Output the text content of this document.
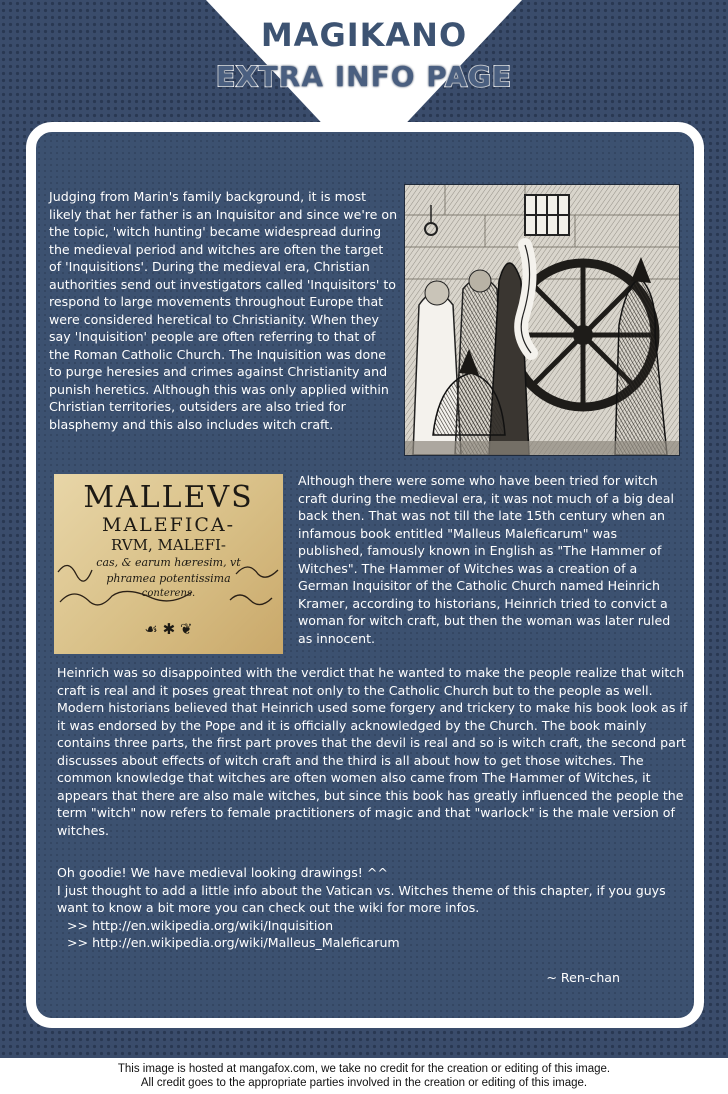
MAGIKANO
EXTRA INFO PAGE
MALLEVS
MALEFICA-
RVM, MALEFI-
cas, & earum hæresim, vt
phramea potentissima
conterens.
☙ ✱ ❦
Judging from Marin's family background, it is most likely that her father is an Inquisitor and since we're on the topic, 'witch hunting' became widespread during the medieval period and witches are often the target of 'Inquisitions'. During the medieval era, Christian authorities send out investigators called 'Inquisitors' to respond to large movements throughout Europe that were considered heretical to Christianity. When they say 'Inquisition' people are often referring to that of the Roman Catholic Church. The Inquisition was done to purge heresies and crimes against Christianity and punish heretics. Although this was only applied within Christian territories, outsiders are also tried for blasphemy and this also includes witch craft.
Although there were some who have been tried for witch craft during the medieval era, it was not much of a big deal back then. That was not till the late 15th century when an infamous book entitled "Malleus Maleficarum" was published, famously known in English as "The Hammer of Witches". The Hammer of Witches was a creation of a German Inquisitor of the Catholic Church named Heinrich Kramer, according to historians, Heinrich tried to convict a woman for witch craft, but then the woman was later ruled as innocent.
Heinrich was so disappointed with the verdict that he wanted to make the people realize that witch craft is real and it poses great threat not only to the Catholic Church but to the people as well. Modern historians believed that Heinrich used some forgery and trickery to make his book look as if it was endorsed by the Pope and it is officially acknowledged by the Church. The book mainly contains three parts, the first part proves that the devil is real and so is witch craft, the second part discusses about effects of witch craft and the third is all about how to get those witches. The common knowledge that witches are often women also came from The Hammer of Witches, it appears that there are also male witches, but since this book has greatly influenced the people the term "witch" now refers to female practitioners of magic and that "warlock" is the male version of witches.
Oh goodie! We have medieval looking drawings! ^^
I just thought to add a little info about the Vatican vs. Witches theme of this chapter, if you guys want to know a bit more you can check out the wiki for more infos.
>> http://en.wikipedia.org/wiki/Inquisition
>> http://en.wikipedia.org/wiki/Malleus_Maleficarum
~ Ren-chan
This image is hosted at mangafox.com, we take no credit for the creation or editing of this image.
All credit goes to the appropriate parties involved in the creation or editing of this image.
